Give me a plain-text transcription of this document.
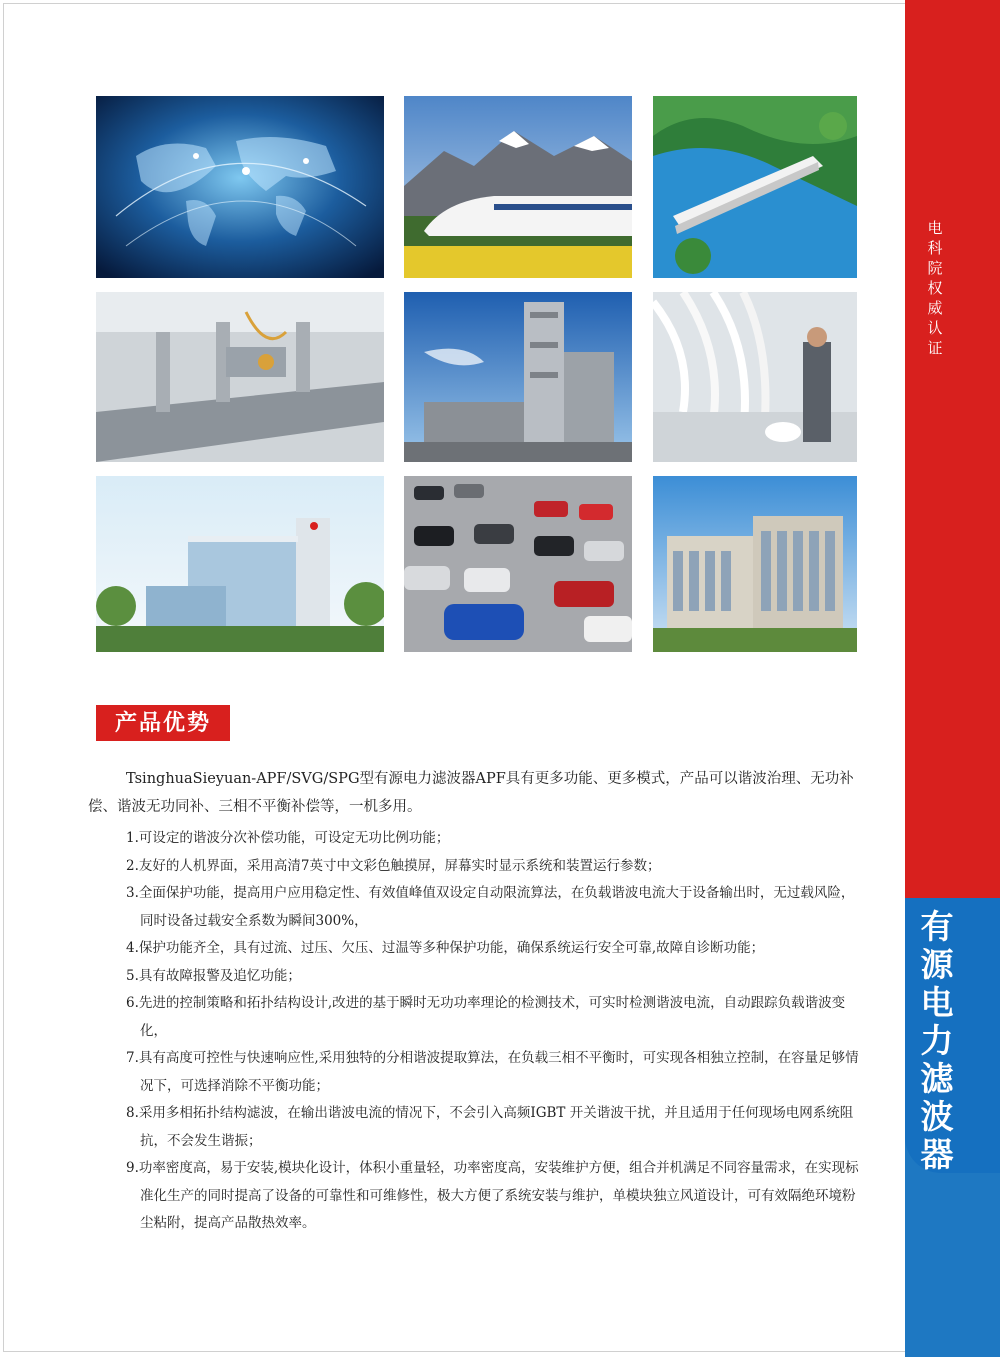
电科院权威认证
有源电力滤波器
产品优势

TsinghuaSieyuan-APF/SVG/SPG型有源电力滤波器APF具有更多功能、更多模式，产品可以谐波治理、无功补偿、谐波无功同补、三相不平衡补偿等，一机多用。

1.可设定的谐波分次补偿功能，可设定无功比例功能；
2.友好的人机界面，采用高清7英寸中文彩色触摸屏，屏幕实时显示系统和装置运行参数；
3.全面保护功能，提高用户应用稳定性、有效值峰值双设定自动限流算法，在负载谐波电流大于设备输出时，无过载风险，同时设备过载安全系数为瞬间300%，
4.保护功能齐全，具有过流、过压、欠压、过温等多种保护功能，确保系统运行安全可靠,故障自诊断功能；
5.具有故障报警及追忆功能；
6.先进的控制策略和拓扑结构设计,改进的基于瞬时无功功率理论的检测技术，可实时检测谐波电流，自动跟踪负载谐波变化，
7.具有高度可控性与快速响应性,采用独特的分相谐波提取算法，在负载三相不平衡时，可实现各相独立控制，在容量足够情况下，可选择消除不平衡功能；
8.采用多相拓扑结构滤波，在输出谐波电流的情况下，不会引入高频IGBT 开关谐波干扰，并且适用于任何现场电网系统阻抗，不会发生谐振；
9.功率密度高，易于安装,模块化设计，体积小重量轻，功率密度高，安装维护方便，组合并机满足不同容量需求，在实现标准化生产的同时提高了设备的可靠性和可维修性，极大方便了系统安装与维护，单模块独立风道设计，可有效隔绝环境粉尘粘附，提高产品散热效率。
